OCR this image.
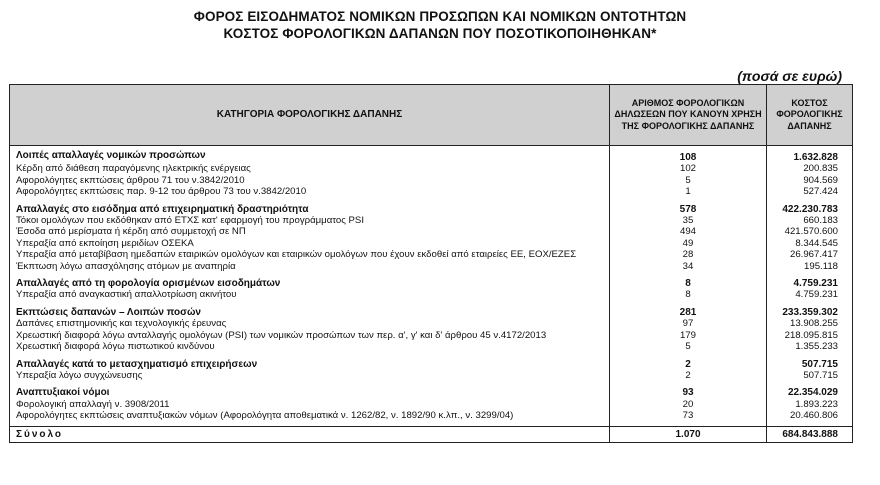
ΦΟΡΟΣ ΕΙΣΟΔΗΜΑΤΟΣ ΝΟΜΙΚΩΝ ΠΡΟΣΩΠΩΝ ΚΑΙ ΝΟΜΙΚΩΝ ΟΝΤΟΤΗΤΩΝ
ΚΟΣΤΟΣ ΦΟΡΟΛΟΓΙΚΩΝ ΔΑΠΑΝΩΝ ΠΟΥ ΠΟΣΟΤΙΚΟΠΟΙΗΘΗΚΑΝ*
(ποσά σε ευρώ)
ΚΑΤΗΓΟΡΙΑ ΦΟΡΟΛΟΓΙΚΗΣ ΔΑΠΑΝΗΣ	ΑΡΙΘΜΟΣ ΦΟΡΟΛΟΓΙΚΩΝ ΔΗΛΩΣΕΩΝ ΠΟΥ ΚΑΝΟΥΝ ΧΡΗΣΗ ΤΗΣ ΦΟΡΟΛΟΓΙΚΗΣ ΔΑΠΑΝΗΣ	ΚΟΣΤΟΣ ΦΟΡΟΛΟΓΙΚΗΣ ΔΑΠΑΝΗΣ
Λοιπές απαλλαγές νομικών προσώπων	108	1.632.828
Κέρδη από διάθεση παραγόμενης ηλεκτρικής ενέργειας	102	200.835
Αφορολόγητες εκπτώσεις άρθρου 71 του ν.3842/2010	5	904.569
Αφορολόγητες εκπτώσεις παρ. 9-12 του άρθρου 73 του ν.3842/2010	1	527.424

Απαλλαγές στο εισόδημα από επιχειρηματική δραστηριότητα	578	422.230.783
Τόκοι ομολόγων που εκδόθηκαν από ΕΤΧΣ κατ' εφαρμογή του προγράμματος PSI	35	660.183
Έσοδα από μερίσματα ή κέρδη από συμμετοχή σε ΝΠ	494	421.570.600
Υπεραξία από εκποίηση μεριδίων ΟΣΕΚΑ	49	8.344.545
Υπεραξία από μεταβίβαση ημεδαπών εταιρικών ομολόγων και εταιρικών ομολόγων που έχουν εκδοθεί από εταιρείες ΕΕ, ΕΟΧ/ΕΖΕΣ	28	26.967.417
Έκπτωση λόγω απασχόλησης ατόμων με αναπηρία	34	195.118

Απαλλαγές από τη φορολογία ορισμένων εισοδημάτων	8	4.759.231
Υπεραξία από αναγκαστική απαλλοτρίωση ακινήτου	8	4.759.231

Εκπτώσεις δαπανών – Λοιπών ποσών	281	233.359.302
Δαπάνες επιστημονικής και τεχνολογικής έρευνας	97	13.908.255
Χρεωστική διαφορά λόγω ανταλλαγής ομολόγων (PSI) των νομικών προσώπων των περ. α', γ' και δ' άρθρου 45 ν.4172/2013	179	218.095.815
Χρεωστική διαφορά λόγω πιστωτικού κινδύνου	5	1.355.233

Απαλλαγές κατά το μετασχηματισμό επιχειρήσεων	2	507.715
Υπεραξία λόγω συγχώνευσης	2	507.715

Αναπτυξιακοί νόμοι	93	22.354.029
Φορολογική απαλλαγή ν. 3908/2011	20	1.893.223
Αφορολόγητες εκπτώσεις αναπτυξιακών νόμων (Αφορολόγητα αποθεματικά ν. 1262/82, ν. 1892/90 κ.λπ., ν. 3299/04)	73	20.460.806

Σύνολο	1.070	684.843.888
